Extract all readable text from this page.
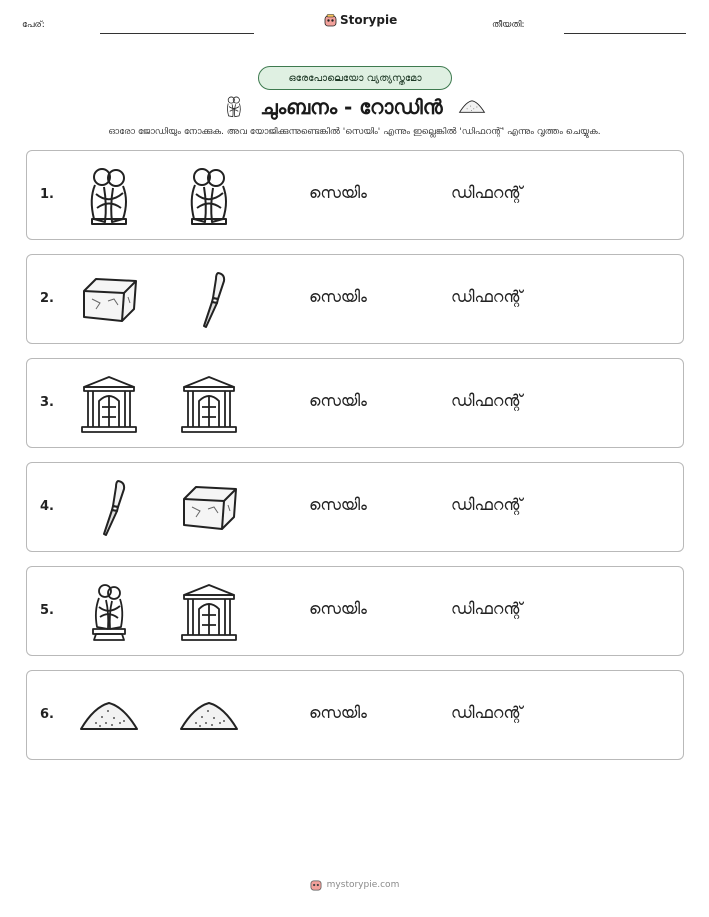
പേര്:	Storypie	തീയതി:
ഒരേപോലെയോ വ്യത്യസ്തമോ
ചുംബനം - റോഡിൻ
ഓരോ ജോഡിയും നോക്കുക. അവ യോജിക്കുന്നുണ്ടെങ്കിൽ 'സെയിം' എന്നും ഇല്ലെങ്കിൽ 'ഡിഫറന്റ്' എന്നും വൃത്തം ചെയ്യുക.
1.	സെയിം	ഡിഫറന്റ്
2.	സെയിം	ഡിഫറന്റ്
3.	സെയിം	ഡിഫറന്റ്
4.	സെയിം	ഡിഫറന്റ്
5.	സെയിം	ഡിഫറന്റ്
6.	സെയിം	ഡിഫറന്റ്
mystorypie.com
